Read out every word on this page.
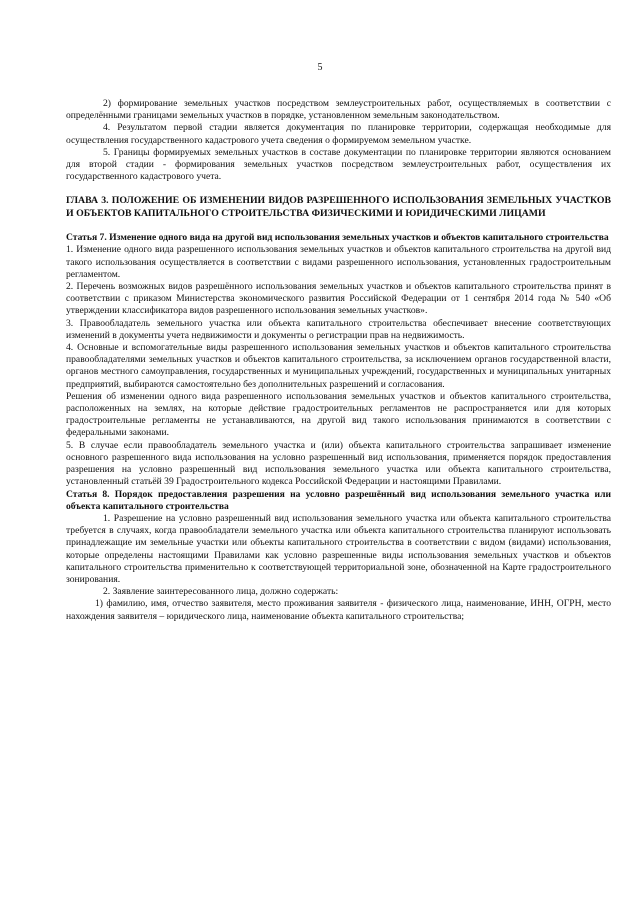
5

2) формирование земельных участков посредством землеустроительных работ, осуществляемых в соответствии с определёнными границами земельных участков в порядке, установленном земельным законодательством.

4. Результатом первой стадии является документация по планировке территории, содержащая необходимые для осуществления государственного кадастрового учета сведения о формируемом земельном участке.

5. Границы формируемых земельных участков в составе документации по планировке территории являются основанием для второй стадии - формирования земельных участков посредством землеустроительных работ, осуществления их государственного кадастрового учета.

ГЛАВА 3. ПОЛОЖЕНИЕ ОБ ИЗМЕНЕНИИ ВИДОВ РАЗРЕШЕННОГО ИСПОЛЬЗОВАНИЯ ЗЕМЕЛЬНЫХ УЧАСТКОВ И ОБЪЕКТОВ КАПИТАЛЬНОГО СТРОИТЕЛЬСТВА ФИЗИЧЕСКИМИ И ЮРИДИЧЕСКИМИ ЛИЦАМИ

Статья 7. Изменение одного вида на другой вид использования земельных участков и объектов капитального строительства

1. Изменение одного вида разрешенного использования земельных участков и объектов капитального строительства на другой вид такого использования осуществляется в соответствии с видами разрешенного использования, установленных градостроительным регламентом.

2. Перечень возможных видов разрешённого использования земельных участков и объектов капитального строительства принят в соответствии с приказом Министерства экономического развития Российской Федерации от 1 сентября 2014 года № 540 «Об утверждении классификатора видов разрешенного использования земельных участков».

3. Правообладатель земельного участка или объекта капитального строительства обеспечивает внесение соответствующих изменений в документы учета недвижимости и документы о регистрации прав на недвижимость.

4. Основные и вспомогательные виды разрешенного использования земельных участков и объектов капитального строительства правообладателями земельных участков и объектов капитального строительства, за исключением органов государственной власти, органов местного самоуправления, государственных и муниципальных учреждений, государственных и муниципальных унитарных предприятий, выбираются самостоятельно без дополнительных разрешений и согласования.

Решения об изменении одного вида разрешенного использования земельных участков и объектов капитального строительства, расположенных на землях, на которые действие градостроительных регламентов не распространяется или для которых градостроительные регламенты не устанавливаются, на другой вид такого использования принимаются в соответствии с федеральными законами.

5. В случае если правообладатель земельного участка и (или) объекта капитального строительства запрашивает изменение основного разрешенного вида использования на условно разрешенный вид использования, применяется порядок предоставления разрешения на условно разрешенный вид использования земельного участка или объекта капитального строительства, установленный статьёй 39 Градостроительного кодекса Российской Федерации и настоящими Правилами.

Статья 8. Порядок предоставления разрешения на условно разрешённый вид использования земельного участка или объекта капитального строительства

1. Разрешение на условно разрешенный вид использования земельного участка или объекта капитального строительства требуется в случаях, когда правообладатели земельного участка или объекта капитального строительства планируют использовать принадлежащие им земельные участки или объекты капитального строительства в соответствии с видом (видами) использования, которые определены настоящими Правилами как условно разрешенные виды использования земельных участков и объектов капитального строительства применительно к соответствующей территориальной зоне, обозначенной на Карте градостроительного зонирования.

2. Заявление заинтересованного лица, должно содержать:

1) фамилию, имя, отчество заявителя, место проживания заявителя - физического лица, наименование, ИНН, ОГРН, место нахождения заявителя – юридического лица, наименование объекта капитального строительства;
